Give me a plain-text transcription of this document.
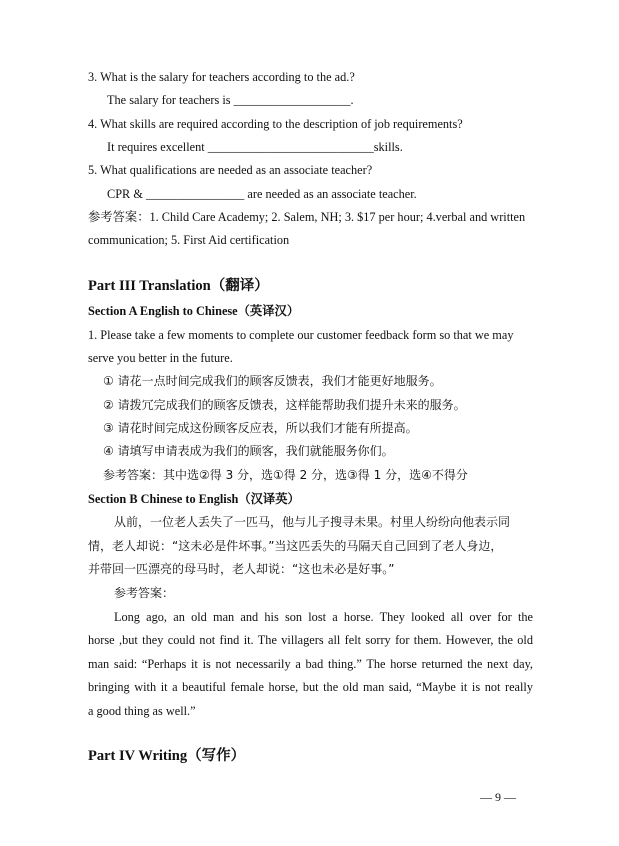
3. What is the salary for teachers according to the ad.?
The salary for teachers is ___________________.
4. What skills are required according to the description of job requirements?
It requires excellent ___________________________skills.
5. What qualifications are needed as an associate teacher?
CPR & ________________ are needed as an associate teacher.
参考答案：1. Child Care Academy; 2. Salem, NH; 3. $17 per hour; 4.verbal and written
communication; 5. First Aid certification
Part III Translation（翻译）
Section A English to Chinese（英译汉）
1. Please take a few moments to complete our customer feedback form so that we may
serve you better in the future.
① 请花一点时间完成我们的顾客反馈表，我们才能更好地服务。
② 请拨冗完成我们的顾客反馈表，这样能帮助我们提升未来的服务。
③ 请花时间完成这份顾客反应表，所以我们才能有所提高。
④ 请填写申请表成为我们的顾客，我们就能服务你们。
参考答案：其中选②得 3 分，选①得 2 分，选③得 1 分，选④不得分
Section B Chinese to English（汉译英）
从前，一位老人丢失了一匹马，他与儿子搜寻未果。村里人纷纷向他表示同
情，老人却说：“这未必是件坏事。”当这匹丢失的马隔天自己回到了老人身边，
并带回一匹漂亮的母马时，老人却说：“这也未必是好事。”
参考答案：
Long ago, an old man and his son lost a horse. They looked all over for the
horse ,but they could not find it. The villagers all felt sorry for them. However, the old
man said: “Perhaps it is not necessarily a bad thing.” The horse returned the next day,
bringing with it a beautiful female horse, but the old man said, “Maybe it is not really
a good thing as well.”
Part IV Writing（写作）
— 9 —
